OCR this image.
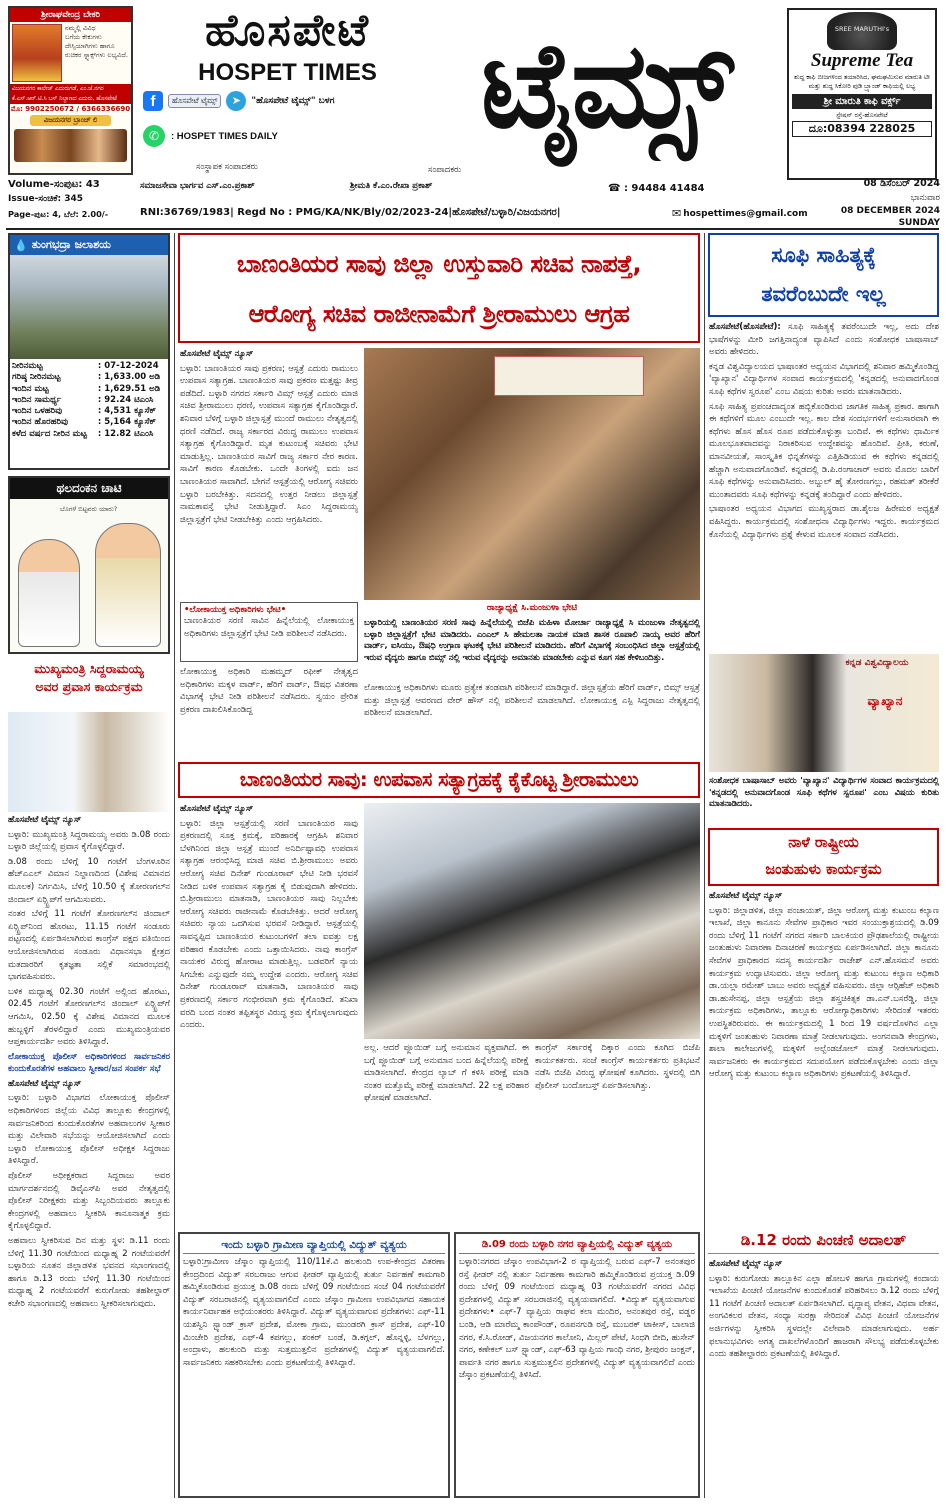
ಶ್ರೀರಾಘವೇಂದ್ರ ಬೇಕರಿ
ನಮ್ಮಲ್ಲಿ ವಿವಿಧ
ಬಗೆಯ ಕೇಕುಗಳು
ದೇಸ್ಸಿಯಾಗಿಗಳು ಹಾಗೂ
ರುಚಿಕರ ಸ್ನ್ಯಾಕ್ಸ್‌ಗಳು ಲಭ್ಯವಿದೆ.
ವಿಜಯನಗರ ಕಾಲೇಜ್ ಎದುರುಗಡೆ, ಎಂ.ಜೆ.ನಗರ
ಕೆ.ಎಸ್.ಆರ್.ಟಿ.ಸಿ ಬಸ್ ನಿಲ್ದಾಣದ ಎದುರು, ಹೊಸಪೇಟೆ
ಮೊ: 9902250672 / 6366336690
ವಿಜಯನಗರ ಬ್ರಾಂಚ್ ಲಿ
ಹೊಸಪೇಟೆ
HOSPET TIMES
f	ಹೊಸಪೇಟೆ ಟೈಮ್ಸ್	➤	"ಹೊಸಪೇಟೆ ಟೈಮ್ಸ್" ಬಳಗ
✆	: HOSPET TIMES DAILY	ಟೈಮ್ಸ್	SREE MARUTHI's
Supreme Tea
ಶುದ್ಧ ಕಾಫಿ ಬೀಜಗಳಿಂದ ತಯಾರಿಸಿದ, ಘಮಘಮಿಸುವ ಮಾರುತಿ ಟೀ ಮತ್ತು ಶುದ್ಧ ಸಿಕೋರಿ ಪುಡಿ ಬ್ರ್ಯಾಂಡ್ ಕಾಫಿಯಲ್ಲಿ ಲಭ್ಯ
ಶ್ರೀ ಮಾರುತಿ ಕಾಫಿ ವರ್ಕ್ಸ್
ಸ್ಟೇಷನ್ ರಸ್ತೆ-ಹೊಸಪೇಟೆ
ದೂ:08394 228025
ಸಂಸ್ಥಾಪಕ ಸಂಪಾದಕರು	ಸಂಪಾದಕರು
Volume-ಸಂಪುಟ: 43	ಸಮಾಜಸೇವಾ ಭಾರ್ಗವ ಎಸ್.ಎಂ.ಪ್ರಕಾಶ್	ಶ್ರೀಮತಿ ಕೆ.ಎಂ.ರೇಖಾ ಪ್ರಕಾಶ್	☎ : 94484 41484	08 ಡಿಸೆಂಬರ್ 2024
Issue-ಸಂಚಿಕೆ: 345	ಭಾನುವಾರ
Page-ಪುಟ: 4, ಬೆಲೆ: 2.00/-	RNI:36769/1983| Regd No : PMG/KA/NK/Bly/02/2023-24|ಹೊಸಪೇಟೆ/ಬಳ್ಳಾರಿ/ವಿಜಯನಗರ|	✉ hospettimes@gmail.com	08 DECEMBER 2024
SUNDAY
💧 ತುಂಗಭದ್ರಾ ಜಲಾಶಯ
ನೀರಿನಮಟ್ಟ	: 07-12-2024
ಗರಿಷ್ಠ ನೀರಿನಮಟ್ಟ	: 1,633.00 ಅಡಿ
ಇಂದಿನ ಮಟ್ಟ	: 1,629.51 ಅಡಿ
ಇಂದಿನ ಸಾಮರ್ಥ್ಯ	: 92.24 ಟಿಎಂಸಿ
ಇಂದಿನ ಒಳಹರಿವು	: 4,531 ಕ್ಯೂಸೆಕ್
ಇಂದಿನ ಹೊರಹರಿವು	: 5,164 ಕ್ಯೂಸೆಕ್
ಕಳೆದ ವರ್ಷದ ನೀರಿನ ಮಟ್ಟ	: 12.82 ಟಿಎಂಸಿ
ಥಲದಂಕನ ಚಾಟಿ
ಬೊಗಳೆ ಬಿಟ್ಟವರು ಯಾರು?
ಮುಖ್ಯಮಂತ್ರಿ ಸಿದ್ದರಾಮಯ್ಯ
ಅವರ ಪ್ರವಾಸ ಕಾರ್ಯಕ್ರಮ

ಹೊಸಪೇಟೆ ಟೈಮ್ಸ್ ನ್ಯೂಸ್

ಬಳ್ಳಾರಿ: ಮುಖ್ಯಮಂತ್ರಿ ಸಿದ್ದರಾಮಯ್ಯ ಅವರು ಡಿ.08 ರಂದು ಬಳ್ಳಾರಿ ಜಿಲ್ಲೆಯಲ್ಲಿ ಪ್ರವಾಸ ಕೈಗೊಳ್ಳಲಿದ್ದಾರೆ.

ಡಿ.08 ರಂದು ಬೆಳಿಗ್ಗೆ 10 ಗಂಟೆಗೆ ಬೆಂಗಳೂರಿನ ಹೆಚ್‍ಎಎಲ್ ವಿಮಾನ ನಿಲ್ದಾಣದಿಂದ (ವಿಶೇಷ ವಿಮಾನದ ಮೂಲಕ) ನಿರ್ಗಮಿಸಿ, ಬೆಳಿಗ್ಗೆ 10.50 ಕ್ಕೆ ತೋರಣಗಲ್‍ನ ಜಿಂದಾಲ್ ಏರ್‍ಸ್ಟ್ರಿಪ್‍ಗೆ ಆಗಮಿಸುವರು.

ನಂತರ ಬೆಳಿಗ್ಗೆ 11 ಗಂಟೆಗೆ ತೋರಣಗಲ್‍ನ ಜಿಂದಾಲ್ ಏರ್‍ಸ್ಟ್ರಿಪ್‍ನಿಂದ ಹೊರಟು, 11.15 ಗಂಟೆಗೆ ಸಂಡೂರು ಪಟ್ಟಣದಲ್ಲಿ ಏರ್ಪಡಿಸಲಾಗಿರುವ ಕಾಂಗ್ರೆಸ್ ಪಕ್ಷದ ವತಿಯಿಂದ ಆಯೋಜಿಸಲಾಗಿರುವ ಸಂಡೂರು ವಿಧಾನಸಭಾ ಕ್ಷೇತ್ರದ ಮತದಾರರಿಗೆ ಕೃತಜ್ಞತಾ ಸಲ್ಲಿಕೆ ಸಮಾರಂಭದಲ್ಲಿ ಭಾಗವಹಿಸುವರು.

ಬಳಿಕ ಮಧ್ಯಾಹ್ನ 02.30 ಗಂಟೆಗೆ ಅಲ್ಲಿಂದ ಹೊರಟು, 02.45 ಗಂಟೆಗೆ ತೋರಣಗಲ್‍ನ ಜಿಂದಾಲ್ ಏರ್‍ಸ್ಟ್ರಿಪ್‍ಗೆ ಆಗಮಿಸಿ, 02.50 ಕ್ಕೆ ವಿಶೇಷ ವಿಮಾನದ ಮೂಲಕ ಹುಬ್ಬಳ್ಳಿಗೆ ತೆರಳಲಿದ್ದಾರೆ ಎಂದು ಮುಖ್ಯಮಂತ್ರಿಯವರ ಆಪ್ತಕಾರ್ಯದರ್ಶಿ ಅವರು ತಿಳಿಸಿದ್ದಾರೆ.

ಲೋಕಾಯುಕ್ತ ಪೊಲೀಸ್ ಅಧಿಕಾರಿಗಳಿಂದ ಸಾರ್ವಜನಿಕರ ಕುಂದುಕೊರತೆಗಳ ಅಹವಾಲು ಸ್ವೀಕಾರ/ಜನ ಸಂಪರ್ಕ ಸಭೆ

ಹೊಸಪೇಟೆ ಟೈಮ್ಸ್ ನ್ಯೂಸ್

ಬಳ್ಳಾರಿ: ಬಳ್ಳಾರಿ ವಿಭಾಗದ ಲೋಕಾಯುಕ್ತ ಪೊಲೀಸ್ ಅಧಿಕಾರಿಗಳಿಂದ ಜಿಲ್ಲೆಯ ವಿವಿಧ ತಾಲ್ಲೂಕು ಕೇಂದ್ರಗಳಲ್ಲಿ ಸಾರ್ವಜನಿಕರಿಂದ ಕುಂದುಕೊರತೆಗಳ ಅಹವಾಲುಗಳ ಸ್ವೀಕಾರ ಮತ್ತು ವಿಲೇವಾರಿ ಸಭೆಯನ್ನು ಆಯೋಜಿಸಲಾಗಿದೆ ಎಂದು ಬಳ್ಳಾರಿ ಲೋಕಾಯುಕ್ತ ಪೊಲೀಸ್ ಅಧೀಕ್ಷಕ ಸಿದ್ದರಾಜು ತಿಳಿಸಿದ್ದಾರೆ.

ಪೊಲೀಸ್ ಅಧೀಕ್ಷಕರಾದ ಸಿದ್ದರಾಜು ಅವರ ಮಾರ್ಗದರ್ಶನದಲ್ಲಿ ಡಿವೈಎಸ್‍ಪಿ ಅವರ ನೇತೃತ್ವದಲ್ಲಿ ಪೊಲೀಸ್ ನಿರೀಕ್ಷಕರು ಮತ್ತು ಸಿಬ್ಬಂದಿಯವರು ತಾಲ್ಲೂಕು ಕೇಂದ್ರಗಳಲ್ಲಿ ಅಹವಾಲು ಸ್ವೀಕರಿಸಿ ಕಾನೂನಾತ್ಮಕ ಕ್ರಮ ಕೈಗೊಳ್ಳಲಿದ್ದಾರೆ.

ಅಹವಾಲು ಸ್ವೀಕರಿಸುವ ದಿನ ಮತ್ತು ಸ್ಥಳ: ಡಿ.11 ರಂದು ಬೆಳಿಗ್ಗೆ 11.30 ಗಂಟೆಯಿಂದ ಮಧ್ಯಾಹ್ನ 2 ಗಂಟೆಯವರೆಗೆ ಬಳ್ಳಾರಿಯ ನೂತನ ಜಿಲ್ಲಾಡಳಿತ ಭವನದ ಸಭಾಂಗಣದಲ್ಲಿ ಹಾಗೂ ಡಿ.13 ರಂದು ಬೆಳಿಗ್ಗೆ 11.30 ಗಂಟೆಯಿಂದ ಮಧ್ಯಾಹ್ನ 2 ಗಂಟೆಯವರೆಗೆ ಕುರುಗೋಡು ತಹಶೀಲ್ದಾರ್ ಕಚೇರಿ ಸಭಾಂಗಣದಲ್ಲಿ ಅಹವಾಲು ಸ್ವೀಕರಿಸಲಾಗುವುದು.

ಬಾಣಂತಿಯರ ಸಾವು ಜಿಲ್ಲಾ ಉಸ್ತುವಾರಿ ಸಚಿವ ನಾಪತ್ತೆ,
ಆರೋಗ್ಯ ಸಚಿವ ರಾಜೀನಾಮೆಗೆ ಶ್ರೀರಾಮುಲು ಆಗ್ರಹ

ಹೊಸಪೇಟೆ ಟೈಮ್ಸ್ ನ್ಯೂಸ್

ಬಳ್ಳಾರಿ: ಬಾಣಂತಿಯರ ಸಾವು ಪ್ರಕರಣ; ಆಸ್ಪತ್ರೆ ಎದುರು ರಾಮುಲು ಉಪವಾಸ ಸತ್ಯಾಗ್ರಹ. ಬಾಣಂತಿಯರ ಸಾವು ಪ್ರಕರಣ ಮತ್ತಷ್ಟು ತೀವ್ರ ಪಡೆದಿದೆ. ಬಳ್ಳಾರಿ ನಗರದ ಸರ್ಕಾರಿ ವಿಮ್ಸ್ ಆಸ್ಪತ್ರೆ ಎದುರು ಮಾಜಿ ಸಚಿವ ಶ್ರೀರಾಮುಲು ಧರಣಿ, ಉಪವಾಸ ಸತ್ಯಾಗ್ರಹ ಕೈಗೊಂಡಿದ್ದಾರೆ. ಶನಿವಾರ ಬೆಳಿಗ್ಗೆ ಬಳ್ಳಾರಿ ಜಿಲ್ಲಾಸ್ಪತ್ರೆ ಮುಂದೆ ರಾಮುಲು ನೇತೃತ್ವದಲ್ಲಿ ಧರಣಿ ನಡೆದಿದೆ. ರಾಜ್ಯ ಸರ್ಕಾರದ ವಿರುದ್ಧ ರಾಮುಲು ಉಪವಾಸ ಸತ್ಯಾಗ್ರಹ ಕೈಗೊಂಡಿದ್ದಾರೆ. ಮೃತ ಕುಟುಂಬಕ್ಕೆ ಸಚಿವರು ಭೇಟಿ ಮಾಡುತ್ತಿಲ್ಲ. ಬಾಣಂತಿಯರ ಸಾವಿಗೆ ರಾಜ್ಯ ಸರ್ಕಾರ ನೇರ ಕಾರಣ. ಸಾವಿಗೆ ಕಾರಣ ಕೊಡಬೇಕು. ಒಂದೇ ತಿಂಗಳಲ್ಲಿ ಐದು ಜನ ಬಾಣಂತಿಯರ ಸಾವಾಗಿದೆ. ಬೇಗನೆ ಆಸ್ಪತ್ರೆಯಲ್ಲಿ ಆರೋಗ್ಯ ಸಚಿವರು ಬಳ್ಳಾರಿ ಬರಬೇಕಿತ್ತು. ಸದನದಲ್ಲಿ ಉತ್ತರ ನೀಡಲು ಜಿಲ್ಲಾಸ್ಪತ್ರೆ ನಾಮಕಾವಸ್ತೆ ಭೇಟಿ ನೀಡುತ್ತಿದ್ದಾರೆ. ಸಿಎಂ ಸಿದ್ದರಾಮಯ್ಯ ಜಿಲ್ಲಾಸ್ಪತ್ರೆಗೆ ಭೇಟಿ ನೀಡಬೇಕಿತ್ತು ಎಂದು ಆಗ್ರಹಿಸಿದರು.

•ಲೋಕಾಯುಕ್ತ ಅಧಿಕಾರಿಗಳು ಭೇಟಿ•
ಬಾಣಂತಿಯರ ಸರಣಿ ಸಾವಿನ ಹಿನ್ನೆಲೆಯಲ್ಲಿ ಲೋಕಾಯುಕ್ತ ಅಧಿಕಾರಿಗಳು ಜಿಲ್ಲಾಸ್ಪತ್ರೆಗೆ ಭೇಟಿ ನೀಡಿ ಪರಿಶೀಲನೆ ನಡೆಸಿದರು.

ಲೋಕಾಯುಕ್ತ ಅಧಿಕಾರಿ ಮಹಮ್ಮದ್ ರಫೀಕ್ ನೇತೃತ್ವದ ಅಧಿಕಾರಿಗಳು ಮಕ್ಕಳ ವಾರ್ಡ್, ಹೆರಿಗೆ ವಾರ್ಡ್, ಔಷಧ ವಿತರಣಾ ವಿಭಾಗಕ್ಕೆ ಭೇಟಿ ನೀಡಿ ಪರಿಶೀಲನೆ ನಡೆಸಿದರು. ಸ್ವಯಂ ಪ್ರೇರಿತ ಪ್ರಕರಣ ದಾಖಲಿಸಿಕೊಂಡಿದ್ದ

ರಾಜ್ಯಾಧ್ಯಕ್ಷೆ ಸಿ.ಮಂಜುಳಾ ಭೇಟಿ
ಬಳ್ಳಾರಿಯಲ್ಲಿ ಬಾಣಂತಿಯರ ಸರಣಿ ಸಾವು ಹಿನ್ನೆಲೆಯಲ್ಲಿ ಬಿಜೆಪಿ ಮಹಿಳಾ ಮೋರ್ಚಾ ರಾಜ್ಯಾಧ್ಯಕ್ಷೆ ಸಿ ಮಂಜುಳಾ ನೇತೃತ್ವದಲ್ಲಿ ಬಳ್ಳಾರಿ ಜಿಲ್ಲಾಸ್ಪತ್ರೆಗೆ ಭೇಟಿ ಮಾಡಿದರು. ಎಂಎಲ್ ಸಿ ಹೇಮಲತಾ ನಾಯಕ ಮಾಜಿ ಶಾಸಕ ರೂಪಾಲಿ ನಾಯ್ಕ ಅವರ ಹೆರಿಗೆ ವಾರ್ಡ್, ಐಸಿಯು, ಔಷಧಿ ಉಗ್ರಾಣ ಘಟಕಕ್ಕೆ ಭೇಟಿ ಪರಿಶೀಲನೆ ಮಾಡಿದರು. ಹೆರಿಗೆ ವಿಭಾಗಕ್ಕೆ ಸಂಬಂಧಿಸಿದ ಜಿಲ್ಲಾ ಆಸ್ಪತ್ರೆಯಲ್ಲಿ ಇರುವ ವೈದ್ಯರು ಹಾಗೂ ಬಿಮ್ಸ್ ನಲ್ಲಿ ಇರುವ ವೈದ್ಯರನ್ನು ಅಮಾನತು ಮಾಡಬೇಕು ಎನ್ನುವ ಕೂಗ ಸಹ ಕೇಳಿಬಂದಿತ್ತು.
ಲೋಕಾಯುಕ್ತ ಅಧಿಕಾರಿಗಳು ಮೂರು ಪ್ರತ್ಯೇಕ ತಂಡವಾಗಿ ಪರಿಶೀಲನೆ ಮಾಡಿದ್ದಾರೆ. ಜಿಲ್ಲಾಸ್ಪತ್ರೆಯ ಹೆರಿಗೆ ವಾರ್ಡ್, ಬಿಮ್ಸ್ ಆಸ್ಪತ್ರೆ ಮತ್ತು ಜಿಲ್ಲಾಸ್ಪತ್ರೆ ಆವರಣದ ವೇರ್ ಹೌಸ್ ನಲ್ಲಿ ಪರಿಶೀಲನೆ ಮಾಡಲಾಗಿದೆ. ಲೋಕಾಯುಕ್ತ ಎಸ್ಪಿ ಸಿದ್ದರಾಜು ನೇತೃತ್ವದಲ್ಲಿ ಪರಿಶೀಲನೆ ಮಾಡಲಾಗಿದೆ.
ಬಾಣಂತಿಯರ ಸಾವು: ಉಪವಾಸ ಸತ್ಯಾಗ್ರಹಕ್ಕೆ ಕೈಕೊಟ್ಟ ಶ್ರೀರಾಮುಲು

ಹೊಸಪೇಟೆ ಟೈಮ್ಸ್ ನ್ಯೂಸ್

ಬಳ್ಳಾರಿ: ಜಿಲ್ಲಾ ಆಸ್ಪತ್ರೆಯಲ್ಲಿ ಸರಣಿ ಬಾಣಂತಿಯರ ಸಾವು ಪ್ರಕರಣದಲ್ಲಿ ಸೂಕ್ತ ಕ್ರಮಕ್ಕೆ, ಪರಿಹಾರಕ್ಕೆ ಆಗ್ರಹಿಸಿ ಶನಿವಾರ ಬೆಳಗಿನಿಂದ ಜಿಲ್ಲಾ ಆಸ್ಪತ್ರೆ ಮುಂದೆ ಅನಿರ್ದಿಷ್ಟಾವಧಿ ಉಪವಾಸ ಸತ್ಯಾಗ್ರಹ ಆರಂಭಿಸಿದ್ದ ಮಾಜಿ ಸಚಿವ ಬಿ.ಶ್ರೀರಾಮುಲು ಅವರು ಆರೋಗ್ಯ ಸಚಿವ ದಿನೇಶ್ ಗುಂಡೂರಾವ್ ಭೇಟಿ ನೀಡಿ ಭರವಸೆ ನೀಡಿದ ಬಳಿಕ ಉಪವಾಸ ಸತ್ಯಾಗ್ರಹ ಕೈ ಬಿಡುವುದಾಗಿ ಹೇಳಿದರು. ಬಿ.ಶ್ರೀರಾಮುಲು ಮಾತನಾಡಿ, ಬಾಣಂತಿಯರ ಸಾವು ನಿಲ್ಲಬೇಕು ಆರೋಗ್ಯ ಸಚಿವರು ರಾಜೀನಾಮೆ ಕೊಡಬೇಕಿತ್ತು. ಆದರೆ ಆರೋಗ್ಯ ಸಚಿವರು ನ್ಯಾಯ ಒದಗಿಸುವ ಭರವಸೆ ನೀಡಿದ್ದಾರೆ. ಆಸ್ಪತ್ರೆಯಲ್ಲಿ ಸಾವನ್ನಪ್ಪಿದ ಬಾಣಂತಿಯರ ಕುಟುಂಬಗಳಿಗೆ ತಲಾ ಐವತ್ತು ಲಕ್ಷ ಪರಿಹಾರ ಕೊಡಬೇಕು ಎಂದು ಒತ್ತಾಯಿಸಿದರು. ನಾವು ಕಾಂಗ್ರೆಸ್ ನಾಯಕರ ವಿರುದ್ಧ ಹೋರಾಟ ಮಾಡುತ್ತಿಲ್ಲ. ಬಡವರಿಗೆ ನ್ಯಾಯ ಸಿಗಬೇಕು ಎನ್ನುವುದೇ ನಮ್ಮ ಉದ್ದೇಶ ಎಂದರು. ಆರೋಗ್ಯ ಸಚಿವ ದಿನೇಶ್ ಗುಂಡೂರಾವ್ ಮಾತನಾಡಿ, ಬಾಣಂತಿಯರ ಸಾವು ಪ್ರಕರಣದಲ್ಲಿ ಸರ್ಕಾರ ಗಂಭೀರವಾಗಿ ಕ್ರಮ ಕೈಗೊಂಡಿದೆ. ತನಿಖಾ ವರದಿ ಬಂದ ನಂತರ ತಪ್ಪಿತಸ್ಥರ ವಿರುದ್ಧ ಕ್ರಮ ಕೈಗೊಳ್ಳಲಾಗುವುದು ಎಂದರು.

ಅಲ್ಲ. ಆದರೆ ಪ್ಲೂಯಿಡ್ ಬಗ್ಗೆ ಅನುಮಾನ ವ್ಯಕ್ತವಾಗಿದೆ. ಈ ಬಗ್ಗೆ ಪ್ಲೂಯಿಡ್ ಬಗ್ಗೆ ಅನುಮಾನ ಬಂದ ಹಿನ್ನೆಲೆಯಲ್ಲಿ ಪರೀಕ್ಷೆ ಮಾಡಿಸಲಾಗಿದೆ. ಕೇಂದ್ರದ ಲ್ಯಾಬ್ ಗೆ ಕಳಿಸಿ ಪರೀಕ್ಷೆ ಮಾಡಿ ನಂತರ ಮತ್ತೊಮ್ಮೆ ಪರೀಕ್ಷೆ ಮಾಡಲಾಗಿದೆ. 22 ಲಕ್ಷ ಪರಿಹಾರ ಘೋಷಣೆ ಮಾಡಲಾಗಿದೆ.
ಕಾಂಗ್ರೆಸ್ ಸರ್ಕಾರಕ್ಕೆ ದಿಕ್ಕಾರ ಎಂದು ಕೂಗಿದ ಬಿಜೆಪಿ ಕಾರ್ಯಕರ್ತರು. ಸಂಜೆ ಕಾಂಗ್ರೆಸ್ ಕಾರ್ಯಕರ್ತರು ಪ್ರತಿಭಟನೆ ನಡೆಸಿ ಬಿಜೆಪಿ ವಿರುದ್ಧ ಘೋಷಣೆ ಕೂಗಿದರು. ಸ್ಥಳದಲ್ಲಿ ಬಿಗಿ ಪೊಲೀಸ್ ಬಂದೋಬಸ್ತ್ ಏರ್ಪಡಿಸಲಾಗಿತ್ತು.
ಇಂದು ಬಳ್ಳಾರಿ ಗ್ರಾಮೀಣ ವ್ಯಾಪ್ತಿಯಲ್ಲಿ ವಿದ್ಯುತ್ ವ್ಯತ್ಯಯ
ಬಳ್ಳಾರಿ:ಗ್ರಾಮೀಣ ಜೆಸ್ಕಾಂ ವ್ಯಾಪ್ತಿಯಲ್ಲಿ 110/11ಕೆ.ವಿ ಹಲಕುಂದಿ ಉಪ-ಕೇಂದ್ರದ ವಿತರಣಾ ಕೇಂದ್ರದಿಂದ ವಿದ್ಯುತ್ ಸರಬರಾಜು ಆಗುವ ಫೀಡರ್ ವ್ಯಾಪ್ತಿಯಲ್ಲಿ ತುರ್ತು ನಿರ್ವಹಣೆ ಕಾಮಗಾರಿ ಹಮ್ಮಿಕೊಂಡಿರುವ ಪ್ರಯುಕ್ತ ಡಿ.08 ರಂದು ಬೆಳಿಗ್ಗೆ 09 ಗಂಟೆಯಿಂದ ಸಂಜೆ 04 ಗಂಟೆಯವರೆಗೆ ವಿದ್ಯುತ್ ಸರಬರಾಜಿನಲ್ಲಿ ವ್ಯತ್ಯಯವಾಗಲಿದೆ ಎಂದು ಜೆಸ್ಕಾಂ ಗ್ರಾಮೀಣ ಉಪವಿಭಾಗದ ಸಹಾಯಕ ಕಾರ್ಯನಿರ್ವಾಹಕ ಅಭಿಯಂತರರು ತಿಳಿಸಿದ್ದಾರೆ. ವಿದ್ಯುತ್ ವ್ಯತ್ಯಯವಾಗುವ ಪ್ರದೇಶಗಳು: ಎಫ್-11 ಯಶಸ್ವಿನಿ ಸ್ಟ್ಯಾಂಡ್ ಕ್ರಾಸ್ ಪ್ರದೇಶ, ಮೋಕಾ ಗ್ರಾಮ, ಮುಂಡರಗಿ ಕ್ರಾಸ್ ಪ್ರದೇಶ, ಎಫ್-10 ಮಿಂಚೇರಿ ಪ್ರದೇಶ, ಎಫ್-4 ಕಪಗಲ್ಲು, ಶಂಕರ್ ಬಂಡೆ, ಡಿ.ಕಗ್ಗಲ್, ಹೊನ್ನಳ್ಳಿ, ಬೆಳಗಲ್ಲು, ಅಂದ್ರಾಳು, ಹಲಕುಂದಿ ಮತ್ತು ಸುತ್ತಮುತ್ತಲಿನ ಪ್ರದೇಶಗಳಲ್ಲಿ ವಿದ್ಯುತ್ ವ್ಯತ್ಯಯವಾಗಲಿದೆ. ಸಾರ್ವಜನಿಕರು ಸಹಕರಿಸಬೇಕು ಎಂದು ಪ್ರಕಟಣೆಯಲ್ಲಿ ತಿಳಿಸಿದ್ದಾರೆ.
ಡಿ.09 ರಂದು ಬಳ್ಳಾರಿ ನಗರ ವ್ಯಾಪ್ತಿಯಲ್ಲಿ ವಿದ್ಯುತ್ ವ್ಯತ್ಯಯ
ಬಳ್ಳಾರಿ:ನಗರದ ಜೆಸ್ಕಾಂ ಉಪವಿಭಾಗ-2 ರ ವ್ಯಾಪ್ತಿಯಲ್ಲಿ ಬರುವ ಎಫ್-7 ಅನಂತಪುರ ರಸ್ತೆ ಫೀಡರ್ ನಲ್ಲಿ ತುರ್ತು ನಿರ್ವಹಣಾ ಕಾಮಗಾರಿ ಹಮ್ಮಿಕೊಂಡಿರುವ ಪ್ರಯುಕ್ತ ಡಿ.09 ರಂದು ಬೆಳಿಗ್ಗೆ 09 ಗಂಟೆಯಿಂದ ಮಧ್ಯಾಹ್ನ 03 ಗಂಟೆಯವರೆಗೆ ನಗರದ ವಿವಿಧ ಪ್ರದೇಶಗಳಲ್ಲಿ ವಿದ್ಯುತ್ ಸರಬರಾಜಿನಲ್ಲಿ ವ್ಯತ್ಯಯವಾಗಲಿದೆ. •ವಿದ್ಯುತ್ ವ್ಯತ್ಯಯವಾಗುವ ಪ್ರದೇಶಗಳು• ಎಫ್-7 ವ್ಯಾಪ್ತಿಯ ರಾಘವ ಕಲಾ ಮಂದಿರ, ಅನಂತಪುರ ರಸ್ತೆ, ವಡ್ಡರ ಬಂಡಿ, ಆಡಿ ಮಾರೆಮ್ಮ ಕಾಂಪೌಂಡ್, ರೂಪನಗುಡಿ ರಸ್ತೆ, ಮುಬರಕ್ ಟಾಕೀಸ್, ಬಾಲಾಜಿ ನಗರ, ಕೆ.ಸಿ.ರೋಡ್, ವಿಜಯನಗರ ಕಾಲೋನಿ, ಮಿಲ್ಲರ್ ಪೇಟೆ, ಸಿಂಧಗಿ ಬೀದಿ, ಹುಸೇನ್ ನಗರ, ಕಣೇಕಲ್ ಬಸ್ ಸ್ಟ್ಯಾಂಡ್, ಎಫ್-63 ವ್ಯಾಪ್ತಿಯ ಗಾಂಧಿ ನಗರ, ಶ್ರೀಪುರಂ ಜಂಕ್ಷನ್, ಪಾರ್ವತಿ ನಗರ ಹಾಗೂ ಸುತ್ತಮುತ್ತಲಿನ ಪ್ರದೇಶಗಳಲ್ಲಿ ವಿದ್ಯುತ್ ವ್ಯತ್ಯಯವಾಗಲಿದೆ ಎಂದು ಜೆಸ್ಕಾಂ ಪ್ರಕಟಣೆಯಲ್ಲಿ ತಿಳಿಸಿದೆ.
ಸೂಫಿ ಸಾಹಿತ್ಯಕ್ಕೆ
ತವರೆಂಬುದೇ ಇಲ್ಲ

ಹೊಸಪೇಟೆ(ಹೊಸಪೇಟೆ): ಸೂಫಿ ಸಾಹಿತ್ಯಕ್ಕೆ ತವರೆಂಬುದೇ ಇಲ್ಲ, ಅದು ದೇಶ ಭಾಷೆಗಳನ್ನು ಮೀರಿ ಜಗತ್ತಿನಾದ್ಯಂತ ವ್ಯಾಪಿಸಿದೆ ಎಂದು ಸಂಶೋಧಕ ಬಾಷಾಸಾಬ್ ಅವರು ಹೇಳಿದರು.

ಕನ್ನಡ ವಿಶ್ವವಿದ್ಯಾಲಯದ ಭಾಷಾಂತರ ಅಧ್ಯಯನ ವಿಭಾಗದಲ್ಲಿ ಶನಿವಾರ ಹಮ್ಮಿಕೊಂಡಿದ್ದ 'ವ್ಯಾಖ್ಯಾನ' ವಿದ್ಯಾರ್ಥಿಗಳ ಸಂವಾದ ಕಾರ್ಯಕ್ರಮದಲ್ಲಿ 'ಕನ್ನಡದಲ್ಲಿ ಅನುವಾದಗೊಂಡ ಸೂಫಿ ಕಥೆಗಳ ಸ್ವರೂಪ' ಎಂಬ ವಿಷಯ ಕುರಿತು ಅವರು ಮಾತನಾಡಿದರು.

ಸೂಫಿ ಸಾಹಿತ್ಯ ಪ್ರಪಂಚದಾದ್ಯಂತ ಹಬ್ಬಿಕೊಂಡಿರುವ ಜಾಗತಿಕ ಸಾಹಿತ್ಯ ಪ್ರಕಾರ. ಹಾಗಾಗಿ ಈ ಕಥೆಗಳಿಗೆ ಮೂಲ ಎಂಬುದೇ ಇಲ್ಲ. ಕಾಲ ದೇಶ ಸಂದರ್ಭಗಳಿಗೆ ಅನುಸಾರವಾಗಿ ಈ ಕಥೆಗಳು ಹೊಸ ಹೊಸ ರೂಪ ಪಡೆದುಕೊಳ್ಳುತ್ತಾ ಬಂದಿವೆ. ಈ ಕಥೆಗಳು ಧಾರ್ಮಿಕ ಮೂಲಭೂತವಾದವನ್ನು ನಿರಾಕರಿಸುವ ಉದ್ದೇಶವನ್ನು ಹೊಂದಿವೆ. ಪ್ರೀತಿ, ಕರುಣೆ, ಮಾನವೀಯತೆ, ಸಾಂಸ್ಕೃತಿಕ ಭಿನ್ನತೆಗಳನ್ನು ಎತ್ತಿಹಿಡಿಯುವ ಈ ಕಥೆಗಳು ಕನ್ನಡದಲ್ಲಿ ಹೆಚ್ಚಾಗಿ ಅನುವಾದಗೊಂಡಿವೆ. ಕನ್ನಡದಲ್ಲಿ ಡಿ.ಪಿ.ರಂಗಾಚಾರ್ ಅವರು ಮೊದಲ ಬಾರಿಗೆ ಸೂಫಿ ಕಥೆಗಳನ್ನು ಅನುವಾದಿಸಿದರು. ಅಬ್ದುಲ್ ಹೈ ತೋರಣಗಲ್ಲು, ರಹಮತ್ ತರೀಕೆರೆ ಮುಂತಾದವರು ಸೂಫಿ ಕಥೆಗಳನ್ನು ಕನ್ನಡಕ್ಕೆ ತಂದಿದ್ದಾರೆ ಎಂದು ಹೇಳಿದರು.

ಭಾಷಾಂತರ ಅಧ್ಯಯನ ವಿಭಾಗದ ಮುಖ್ಯಸ್ಥರಾದ ಡಾ.ಶೈಲಜ ಹಿರೇಮಠ ಅಧ್ಯಕ್ಷತೆ ವಹಿಸಿದ್ದರು. ಕಾರ್ಯಕ್ರಮದಲ್ಲಿ ಸಂಶೋಧನಾ ವಿದ್ಯಾರ್ಥಿಗಳು ಇದ್ದರು. ಕಾರ್ಯಕ್ರಮದ ಕೊನೆಯಲ್ಲಿ ವಿದ್ಯಾರ್ಥಿಗಳು ಪ್ರಶ್ನೆ ಕೇಳುವ ಮೂಲಕ ಸಂವಾದ ನಡೆಸಿದರು.

ಕನ್ನಡ ವಿಶ್ವವಿದ್ಯಾಲಯ
ವ್ಯಾಖ್ಯಾನ
ಸಂಶೋಧಕ ಬಾಷಾಸಾಬ್ ಅವರು 'ವ್ಯಾಖ್ಯಾನ' ವಿದ್ಯಾರ್ಥಿಗಳ ಸಂವಾದ ಕಾರ್ಯಕ್ರಮದಲ್ಲಿ 'ಕನ್ನಡದಲ್ಲಿ ಅನುವಾದಗೊಂಡ ಸೂಫಿ ಕಥೆಗಳ ಸ್ವರೂಪ' ಎಂಬ ವಿಷಯ ಕುರಿತು ಮಾತನಾಡಿದರು.
ನಾಳೆ ರಾಷ್ಟ್ರೀಯ
ಜಂತುಹುಳು ಕಾರ್ಯಕ್ರಮ

ಹೊಸಪೇಟೆ ಟೈಮ್ಸ್ ನ್ಯೂಸ್

ಬಳ್ಳಾರಿ: ಜಿಲ್ಲಾಡಳಿತ, ಜಿಲ್ಲಾ ಪಂಚಾಯತ್, ಜಿಲ್ಲಾ ಆರೋಗ್ಯ ಮತ್ತು ಕುಟುಂಬ ಕಲ್ಯಾಣ ಇಲಾಖೆ, ಜಿಲ್ಲಾ ಕಾನೂನು ಸೇವೆಗಳ ಪ್ರಾಧಿಕಾರ ಇವರ ಸಂಯುಕ್ತಾಶ್ರಯದಲ್ಲಿ ಡಿ.09 ರಂದು ಬೆಳಿಗ್ಗೆ 11 ಗಂಟೆಗೆ ನಗರದ ಸರ್ಕಾರಿ ಬಾಲಕಿಯರ ಪ್ರೌಢಶಾಲೆಯಲ್ಲಿ ರಾಷ್ಟ್ರೀಯ ಜಂತುಹುಳು ನಿವಾರಣಾ ದಿನಾಚರಣೆ ಕಾರ್ಯಕ್ರಮ ಏರ್ಪಡಿಸಲಾಗಿದೆ. ಜಿಲ್ಲಾ ಕಾನೂನು ಸೇವೆಗಳ ಪ್ರಾಧಿಕಾರದ ಸದಸ್ಯ ಕಾರ್ಯದರ್ಶಿ ರಾಜೇಶ್ ಎನ್.ಹೊಸಮನೆ ಅವರು ಕಾರ್ಯಕ್ರಮ ಉದ್ಘಾಟಿಸುವರು. ಜಿಲ್ಲಾ ಆರೋಗ್ಯ ಮತ್ತು ಕುಟುಂಬ ಕಲ್ಯಾಣ ಅಧಿಕಾರಿ ಡಾ.ಯಲ್ಲಾ ರಮೇಶ್ ಬಾಬು ಅವರು ಅಧ್ಯಕ್ಷತೆ ವಹಿಸುವರು. ಜಿಲ್ಲಾ ಆರ್‍ಸಿಹೆಚ್ ಅಧಿಕಾರಿ ಡಾ.ಹುಸೇನಪ್ಪ, ಜಿಲ್ಲಾ ಆಸ್ಪತ್ರೆಯ ಜಿಲ್ಲಾ ಶಸ್ತ್ರಚಿಕಿತ್ಸಕ ಡಾ.ಎನ್.ಬಸರೆಡ್ಡಿ, ಜಿಲ್ಲಾ ಕಾರ್ಯಕ್ರಮ ಅಧಿಕಾರಿಗಳು, ತಾಲ್ಲೂಕು ಆರೋಗ್ಯಾಧಿಕಾರಿಗಳು ಸೇರಿದಂತೆ ಇತರರು ಉಪಸ್ಥಿತರಿರುವರು. ಈ ಕಾರ್ಯಕ್ರಮದಲ್ಲಿ 1 ರಿಂದ 19 ವರ್ಷದೊಳಗಿನ ಎಲ್ಲಾ ಮಕ್ಕಳಿಗೆ ಜಂತುಹುಳು ನಿವಾರಣಾ ಮಾತ್ರೆ ನೀಡಲಾಗುವುದು. ಅಂಗನವಾಡಿ ಕೇಂದ್ರಗಳು, ಶಾಲಾ ಕಾಲೇಜುಗಳಲ್ಲಿ ಮಕ್ಕಳಿಗೆ ಅಲ್ಬೆಂಡಜೋಲ್ ಮಾತ್ರೆ ನೀಡಲಾಗುವುದು. ಸಾರ್ವಜನಿಕರು ಈ ಕಾರ್ಯಕ್ರಮದ ಸದುಪಯೋಗ ಪಡೆದುಕೊಳ್ಳಬೇಕು ಎಂದು ಜಿಲ್ಲಾ ಆರೋಗ್ಯ ಮತ್ತು ಕುಟುಂಬ ಕಲ್ಯಾಣ ಅಧಿಕಾರಿಗಳು ಪ್ರಕಟಣೆಯಲ್ಲಿ ತಿಳಿಸಿದ್ದಾರೆ.

ಡಿ.12 ರಂದು ಪಿಂಚಣಿ ಅದಾಲತ್

ಹೊಸಪೇಟೆ ಟೈಮ್ಸ್ ನ್ಯೂಸ್

ಬಳ್ಳಾರಿ: ಕುರುಗೋಡು ತಾಲ್ಲೂಕಿನ ಎಲ್ಲಾ ಹೋಬಳಿ ಹಾಗೂ ಗ್ರಾಮಗಳಲ್ಲಿ ಕಂದಾಯ ಇಲಾಖೆಯ ಪಿಂಚಣಿ ಯೋಜನೆಗಳ ಕುಂದುಕೊರತೆ ಪರಿಹರಿಸಲು ಡಿ.12 ರಂದು ಬೆಳಿಗ್ಗೆ 11 ಗಂಟೆಗೆ ಪಿಂಚಣಿ ಅದಾಲತ್ ಏರ್ಪಡಿಸಲಾಗಿದೆ. ವೃದ್ಧಾಪ್ಯ ವೇತನ, ವಿಧವಾ ವೇತನ, ಅಂಗವಿಕಲರ ವೇತನ, ಸಂಧ್ಯಾ ಸುರಕ್ಷಾ ಸೇರಿದಂತೆ ವಿವಿಧ ಪಿಂಚಣಿ ಯೋಜನೆಗಳ ಅರ್ಜಿಗಳನ್ನು ಸ್ವೀಕರಿಸಿ ಸ್ಥಳದಲ್ಲೇ ವಿಲೇವಾರಿ ಮಾಡಲಾಗುವುದು. ಅರ್ಹ ಫಲಾನುಭವಿಗಳು ಅಗತ್ಯ ದಾಖಲೆಗಳೊಂದಿಗೆ ಹಾಜರಾಗಿ ಸೌಲಭ್ಯ ಪಡೆದುಕೊಳ್ಳಬೇಕು ಎಂದು ತಹಶೀಲ್ದಾರರು ಪ್ರಕಟಣೆಯಲ್ಲಿ ತಿಳಿಸಿದ್ದಾರೆ.
